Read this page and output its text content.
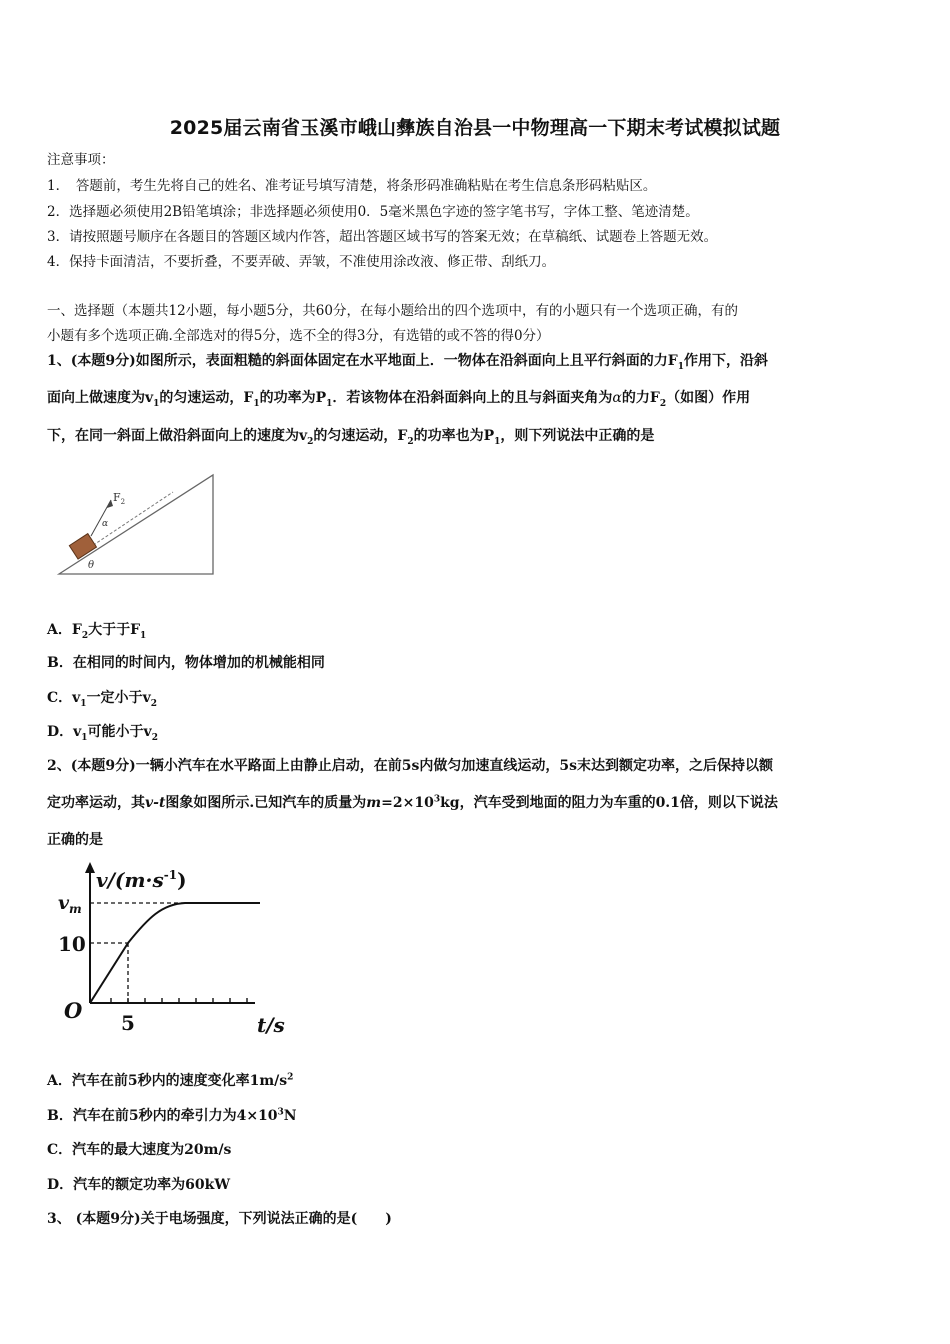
2025届云南省玉溪市峨山彝族自治县一中物理高一下期末考试模拟试题
注意事项：
1．　答题前，考生先将自己的姓名、准考证号填写清楚，将条形码准确粘贴在考生信息条形码粘贴区。
2．选择题必须使用2B铅笔填涂；非选择题必须使用0．5毫米黑色字迹的签字笔书写，字体工整、笔迹清楚。
3．请按照题号顺序在各题目的答题区域内作答，超出答题区域书写的答案无效；在草稿纸、试题卷上答题无效。
4．保持卡面清洁，不要折叠，不要弄破、弄皱，不准使用涂改液、修正带、刮纸刀。
一、选择题（本题共12小题，每小题5分，共60分，在每小题给出的四个选项中，有的小题只有一个选项正确，有的
小题有多个选项正确.全部选对的得5分，选不全的得3分，有选错的或不答的得0分）
1、(本题9分)如图所示，表面粗糙的斜面体固定在水平地面上．一物体在沿斜面向上且平行斜面的力$F_1$作用下，沿斜
面向上做速度为$v_1$的匀速运动，$F_1$的功率为$P_1$．若该物体在沿斜面斜向上的且与斜面夹角为α的力$F_2$（如图）作用
下，在同一斜面上做沿斜面向上的速度为$v_2$的匀速运动，$F_2$的功率也为$P_1$，则下列说法中正确的是
$F_2$
α
θ
A．$F_2$大于于$F_1$
B．在相同的时间内，物体增加的机械能相同
C．$v_1$一定小于$v_2$
D．$v_1$可能小于$v_2$
2、(本题9分)一辆小汽车在水平路面上由静止启动，在前5s内做匀加速直线运动，5s末达到额定功率，之后保持以额
定功率运动，其v-t图象如图所示.已知汽车的质量为$m=2\times 10^3kg$，汽车受到地面的阻力为车重的0.1倍，则以下说法
正确的是
$v/(m\cdot s^{-1})$
$v_m$
10
O 5	t/s
A．汽车在前5秒内的速度变化率$1m/s^2$
B．汽车在前5秒内的牵引力为$4\times 10^3N$
C．汽车的最大速度为20m/s
D．汽车的额定功率为60kW
3、 (本题9分)关于电场强度，下列说法正确的是(　　)
